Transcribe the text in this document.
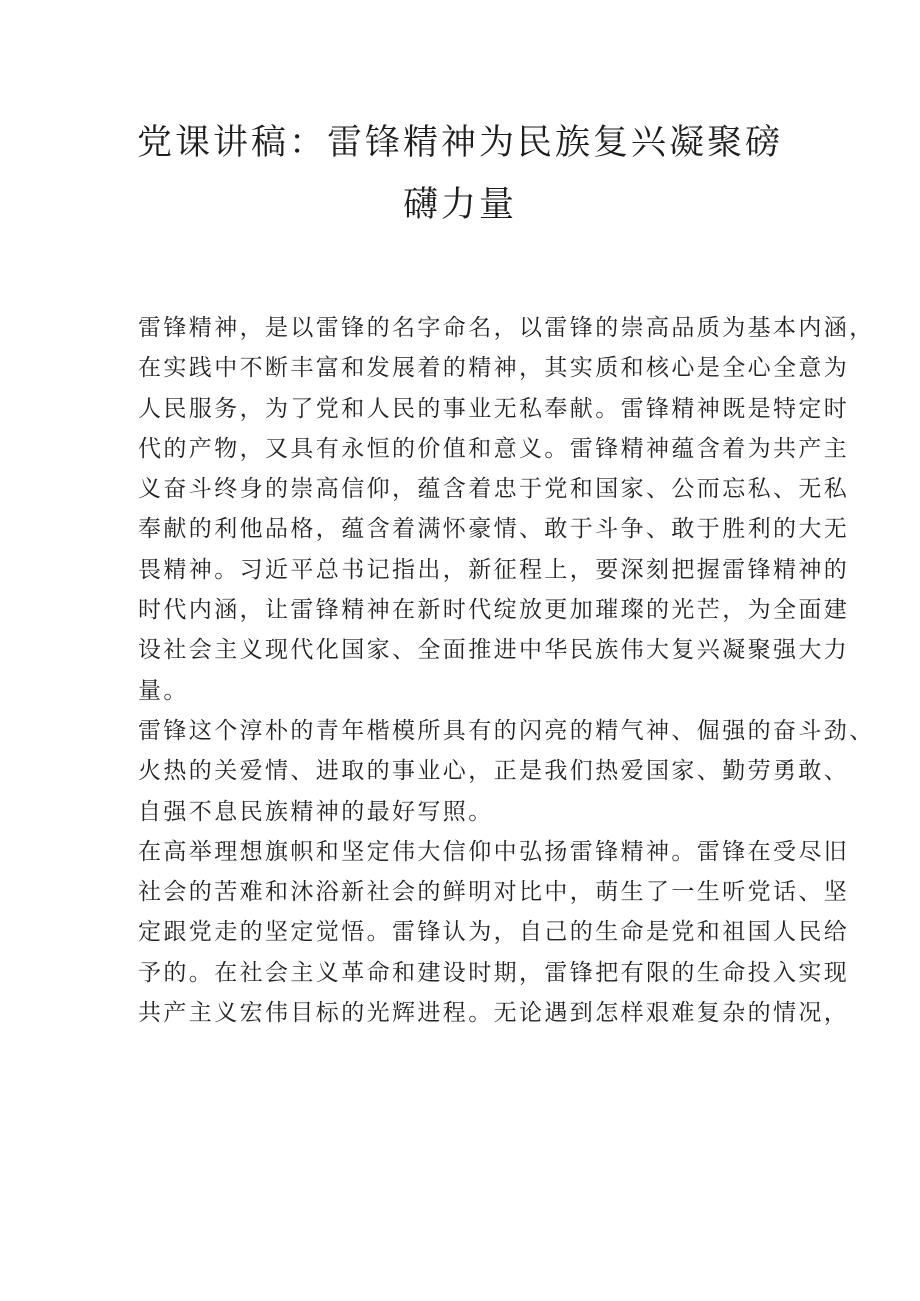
党课讲稿：雷锋精神为民族复兴凝聚磅礴力量
雷锋精神，是以雷锋的名字命名，以雷锋的崇高品质为基本内涵，
在实践中不断丰富和发展着的精神，其实质和核心是全心全意为
人民服务，为了党和人民的事业无私奉献。雷锋精神既是特定时
代的产物，又具有永恒的价值和意义。雷锋精神蕴含着为共产主
义奋斗终身的崇高信仰，蕴含着忠于党和国家、公而忘私、无私
奉献的利他品格，蕴含着满怀豪情、敢于斗争、敢于胜利的大无
畏精神。习近平总书记指出，新征程上，要深刻把握雷锋精神的
时代内涵，让雷锋精神在新时代绽放更加璀璨的光芒，为全面建
设社会主义现代化国家、全面推进中华民族伟大复兴凝聚强大力
量。
雷锋这个淳朴的青年楷模所具有的闪亮的精气神、倔强的奋斗劲、
火热的关爱情、进取的事业心，正是我们热爱国家、勤劳勇敢、
自强不息民族精神的最好写照。
在高举理想旗帜和坚定伟大信仰中弘扬雷锋精神。雷锋在受尽旧
社会的苦难和沐浴新社会的鲜明对比中，萌生了一生听党话、坚
定跟党走的坚定觉悟。雷锋认为，自己的生命是党和祖国人民给
予的。在社会主义革命和建设时期，雷锋把有限的生命投入实现
共产主义宏伟目标的光辉进程。无论遇到怎样艰难复杂的情况，
